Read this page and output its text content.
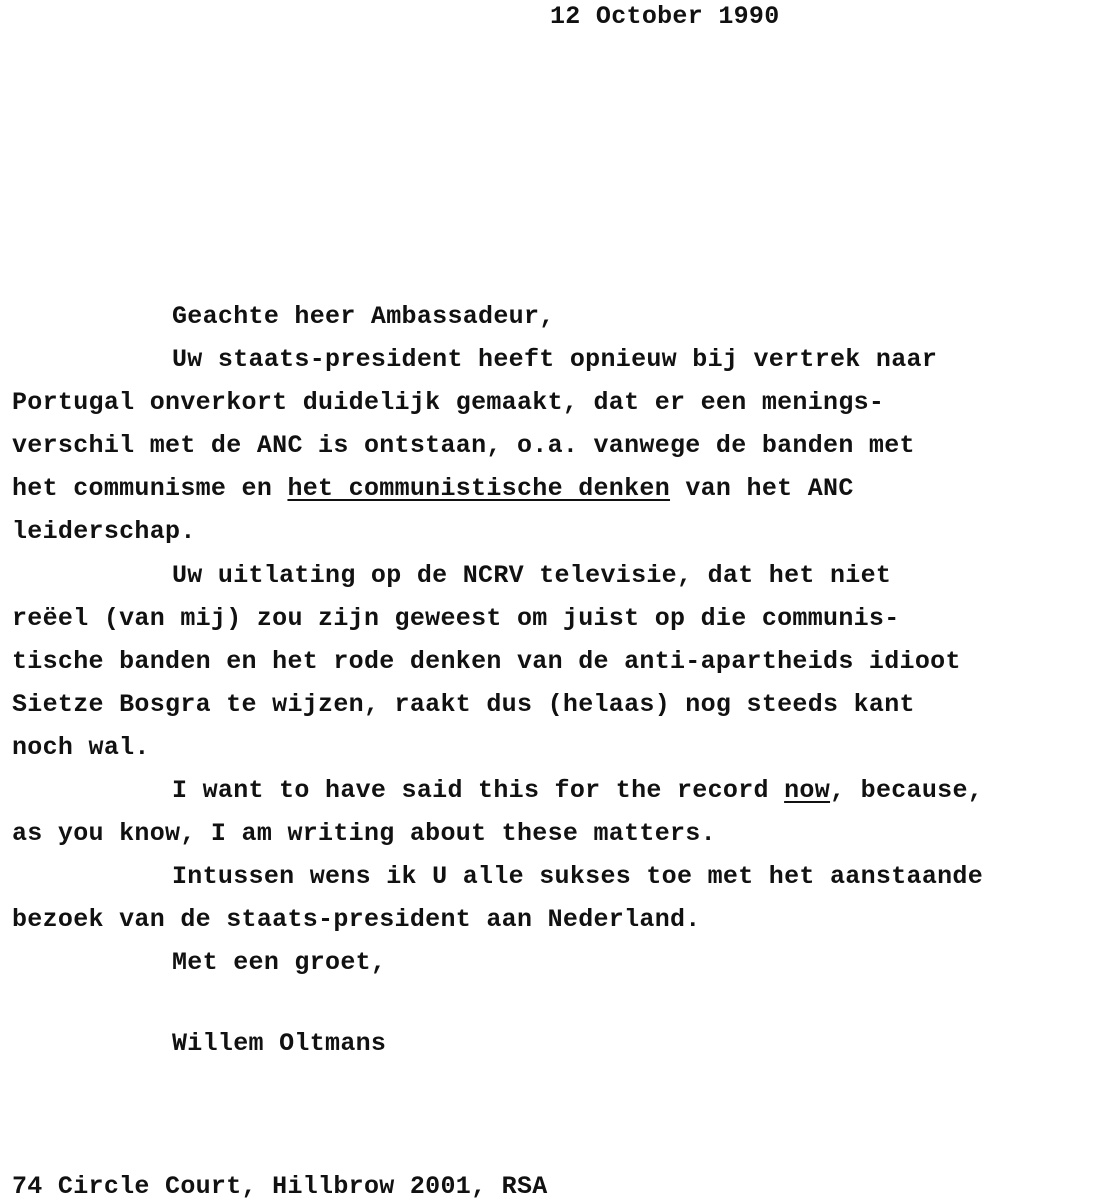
12 October 1990
Geachte heer Ambassadeur,
Uw staats-president heeft opnieuw bij vertrek naar
Portugal onverkort duidelijk gemaakt, dat er een menings-
verschil met de ANC is ontstaan, o.a. vanwege de banden met
het communisme en het communistische denken van het ANC
leiderschap.
Uw uitlating op de NCRV televisie, dat het niet
reëel (van mij) zou zijn geweest om juist op die communis-
tische banden en het rode denken van de anti-apartheids idioot
Sietze Bosgra te wijzen, raakt dus (helaas) nog steeds kant
noch wal.
I want to have said this for the record now, because,
as you know, I am writing about these matters.
Intussen wens ik U alle sukses toe met het aanstaande
bezoek van de staats-president aan Nederland.
Met een groet,
Willem Oltmans
74 Circle Court, Hillbrow 2001, RSA
